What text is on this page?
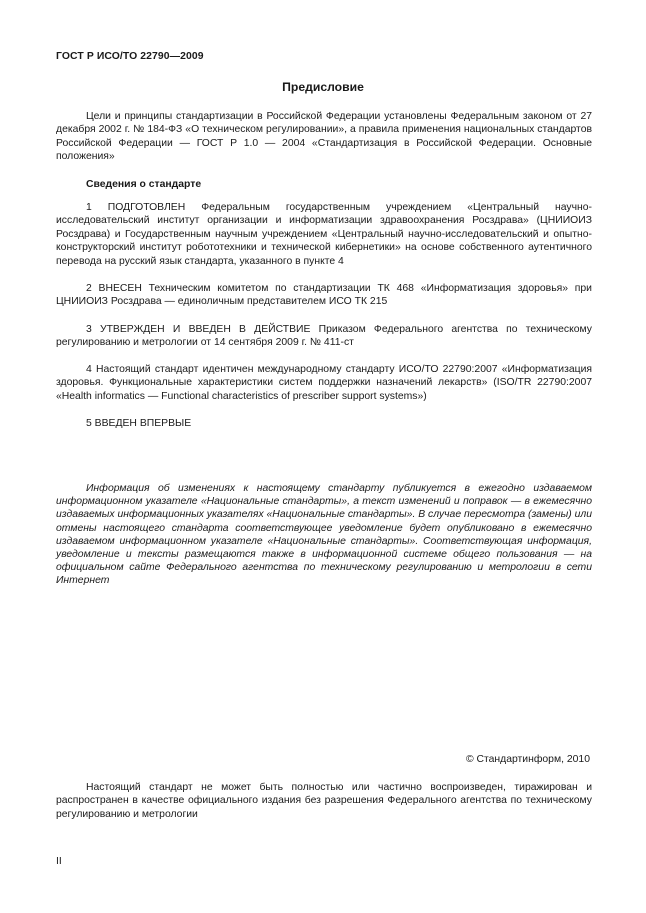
ГОСТ Р ИСО/ТО 22790—2009
Предисловие
Цели и принципы стандартизации в Российской Федерации установлены Федеральным законом от 27 декабря 2002 г. № 184-ФЗ «О техническом регулировании», а правила применения национальных стандартов Российской Федерации — ГОСТ Р 1.0 — 2004 «Стандартизация в Российской Федерации. Основные положения»
Сведения о стандарте
1 ПОДГОТОВЛЕН Федеральным государственным учреждением «Центральный научно-исследовательский институт организации и информатизации здравоохранения Росздрава» (ЦНИИОИЗ Росздрава) и Государственным научным учреждением «Центральный научно-исследовательский и опытно-конструкторский институт робототехники и технической кибернетики» на основе собственного аутентичного перевода на русский язык стандарта, указанного в пункте 4
2 ВНЕСЕН Техническим комитетом по стандартизации ТК 468 «Информатизация здоровья» при ЦНИИОИЗ Росздрава — единоличным представителем ИСО ТК 215
3 УТВЕРЖДЕН И ВВЕДЕН В ДЕЙСТВИЕ Приказом Федерального агентства по техническому регулированию и метрологии от 14 сентября 2009 г. № 411-ст
4 Настоящий стандарт идентичен международному стандарту ИСО/ТО 22790:2007 «Информатизация здоровья. Функциональные характеристики систем поддержки назначений лекарств» (ISO/TR 22790:2007 «Health informatics — Functional characteristics of prescriber support systems»)
5 ВВЕДЕН ВПЕРВЫЕ
Информация об изменениях к настоящему стандарту публикуется в ежегодно издаваемом информационном указателе «Национальные стандарты», а текст изменений и поправок — в ежемесячно издаваемых информационных указателях «Национальные стандарты». В случае пересмотра (замены) или отмены настоящего стандарта соответствующее уведомление будет опубликовано в ежемесячно издаваемом информационном указателе «Национальные стандарты». Соответствующая информация, уведомление и тексты размещаются также в информационной системе общего пользования — на официальном сайте Федерального агентства по техническому регулированию и метрологии в сети Интернет
© Стандартинформ, 2010
Настоящий стандарт не может быть полностью или частично воспроизведен, тиражирован и распространен в качестве официального издания без разрешения Федерального агентства по техническому регулированию и метрологии
II
